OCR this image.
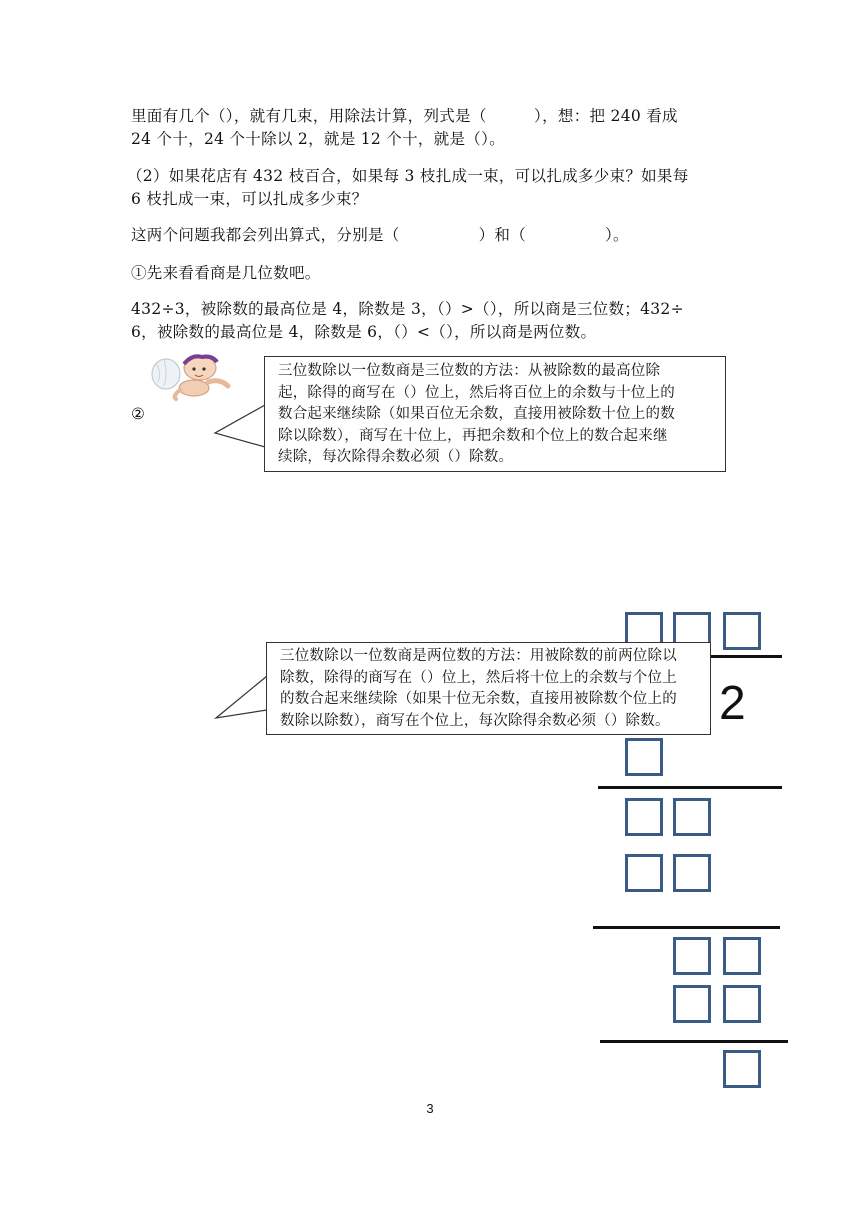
里面有几个（），就有几束，用除法计算，列式是（　　　），想：把 240 看成
24 个十，24 个十除以 2，就是 12 个十，就是（）。
（2）如果花店有 432 枝百合，如果每 3 枝扎成一束，可以扎成多少束？如果每
6 枝扎成一束，可以扎成多少束？
这两个问题我都会列出算式，分别是（　　　　　）和（　　　　　）。
①先来看看商是几位数吧。
432÷3，被除数的最高位是 4，除数是 3，（）>（），所以商是三位数；432÷
6，被除数的最高位是 4，除数是 6，（）<（），所以商是两位数。
②
三位数除以一位数商是三位数的方法：从被除数的最高位除
起，除得的商写在（）位上，然后将百位上的余数与十位上的
数合起来继续除（如果百位无余数，直接用被除数十位上的数
除以除数），商写在十位上，再把余数和个位上的数合起来继
续除，每次除得余数必须（）除数。
2
三位数除以一位数商是两位数的方法：用被除数的前两位除以
除数，除得的商写在（）位上，然后将十位上的余数与个位上
的数合起来继续除（如果十位无余数，直接用被除数个位上的
数除以除数），商写在个位上，每次除得余数必须（）除数。
3
